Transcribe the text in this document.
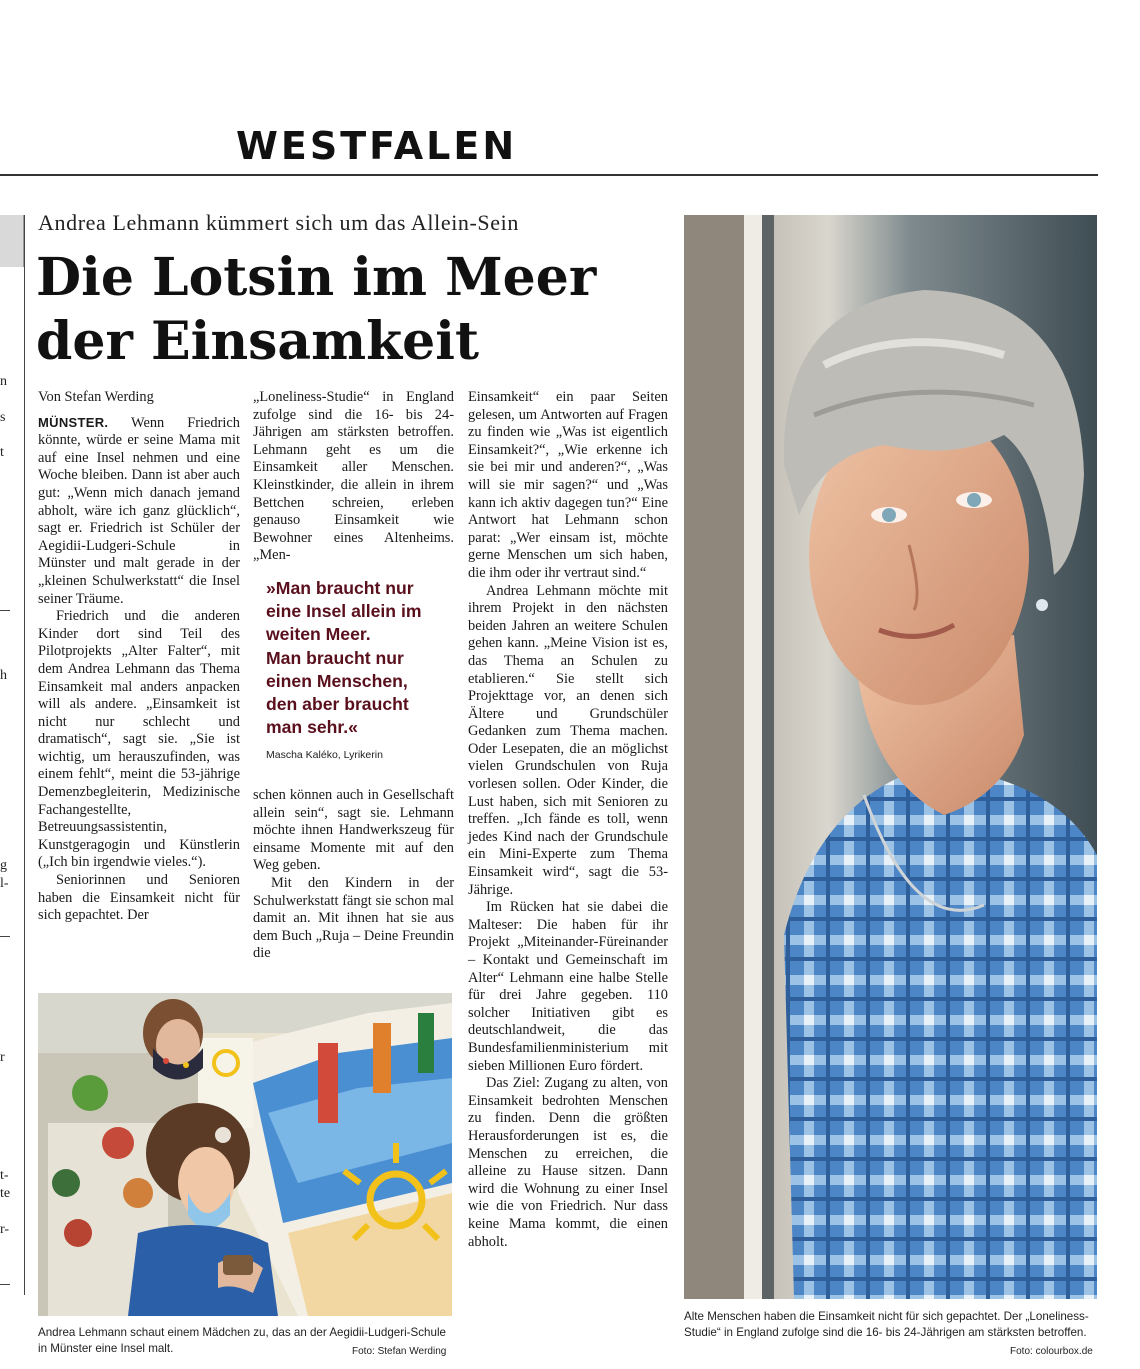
WESTFALEN
n
s
t
h
g
l-
r
t-
te
r-
Andrea Lehmann kümmert sich um das Allein-Sein
Die Lotsin im Meer
der Einsamkeit

Von Stefan Werding

MÜNSTER. Wenn Friedrich könnte, würde er seine Mama mit auf eine Insel nehmen und eine Woche bleiben. Dann ist aber auch gut: „Wenn mich danach jemand abholt, wäre ich ganz glücklich“, sagt er. Friedrich ist Schüler der Aegidii-Ludgeri-Schule in Münster und malt gerade in der „kleinen Schulwerkstatt“ die Insel seiner Träume.

Friedrich und die anderen Kinder dort sind Teil des Pilotprojekts „Alter Falter“, mit dem Andrea Lehmann das Thema Einsamkeit mal anders anpacken will als andere. „Einsamkeit ist nicht nur schlecht und dramatisch“, sagt sie. „Sie ist wichtig, um herauszufinden, was einem fehlt“, meint die 53-jährige Demenzbegleiterin, Medizinische Fachangestellte, Betreuungsassistentin, Kunstgeragogin und Künstlerin („Ich bin irgendwie vieles.“).

Seniorinnen und Senioren haben die Einsamkeit nicht für sich gepachtet. Der

„Loneliness-Studie“ in England zufolge sind die 16- bis 24-Jährigen am stärksten betroffen. Lehmann geht es um die Einsamkeit aller Menschen. Kleinstkinder, die allein in ihrem Bettchen schreien, erleben genauso Einsamkeit wie Bewohner eines Altenheims. „Men-

»Man braucht nur
eine Insel allein im
weiten Meer.
Man braucht nur
einen Menschen,
den aber braucht
man sehr.«
Mascha Kaléko, Lyrikerin

schen können auch in Gesellschaft allein sein“, sagt sie. Lehmann möchte ihnen Handwerkszeug für einsame Momente mit auf den Weg geben.

Mit den Kindern in der Schulwerkstatt fängt sie schon mal damit an. Mit ihnen hat sie aus dem Buch „Ruja – Deine Freundin die

Einsamkeit“ ein paar Seiten gelesen, um Antworten auf Fragen zu finden wie „Was ist eigentlich Einsamkeit?“, „Wie erkenne ich sie bei mir und anderen?“, „Was will sie mir sagen?“ und „Was kann ich aktiv dagegen tun?“ Eine Antwort hat Lehmann schon parat: „Wer einsam ist, möchte gerne Menschen um sich haben, die ihm oder ihr vertraut sind.“

Andrea Lehmann möchte mit ihrem Projekt in den nächsten beiden Jahren an weitere Schulen gehen kann. „Meine Vision ist es, das Thema an Schulen zu etablieren.“ Sie stellt sich Projekttage vor, an denen sich Ältere und Grundschüler Gedanken zum Thema machen. Oder Lesepaten, die an möglichst vielen Grundschulen von Ruja vorlesen sollen. Oder Kinder, die Lust haben, sich mit Senioren zu treffen. „Ich fände es toll, wenn jedes Kind nach der Grundschule ein Mini-Experte zum Thema Einsamkeit wird“, sagt die 53-Jährige.

Im Rücken hat sie dabei die Malteser: Die haben für ihr Projekt „Miteinander-Füreinander – Kontakt und Gemeinschaft im Alter“ Lehmann eine halbe Stelle für drei Jahre gegeben. 110 solcher Initiativen gibt es deutschlandweit, die das Bundesfamilienministerium mit sieben Millionen Euro fördert.

Das Ziel: Zugang zu alten, von Einsamkeit bedrohten Menschen zu finden. Denn die größten Herausforderungen ist es, die Menschen zu erreichen, die alleine zu Hause sitzen. Dann wird die Wohnung zu einer Insel wie die von Friedrich. Nur dass keine Mama kommt, die einen abholt.

Andrea Lehmann schaut einem Mädchen zu, das an der Aegidii-Ludgeri-Schule in Münster eine Insel malt.	Foto: Stefan Werding
Alte Menschen haben die Einsamkeit nicht für sich gepachtet. Der „Loneliness-Studie“ in England zufolge sind die 16- bis 24-Jährigen am stärksten betroffen.
Foto: colourbox.de
